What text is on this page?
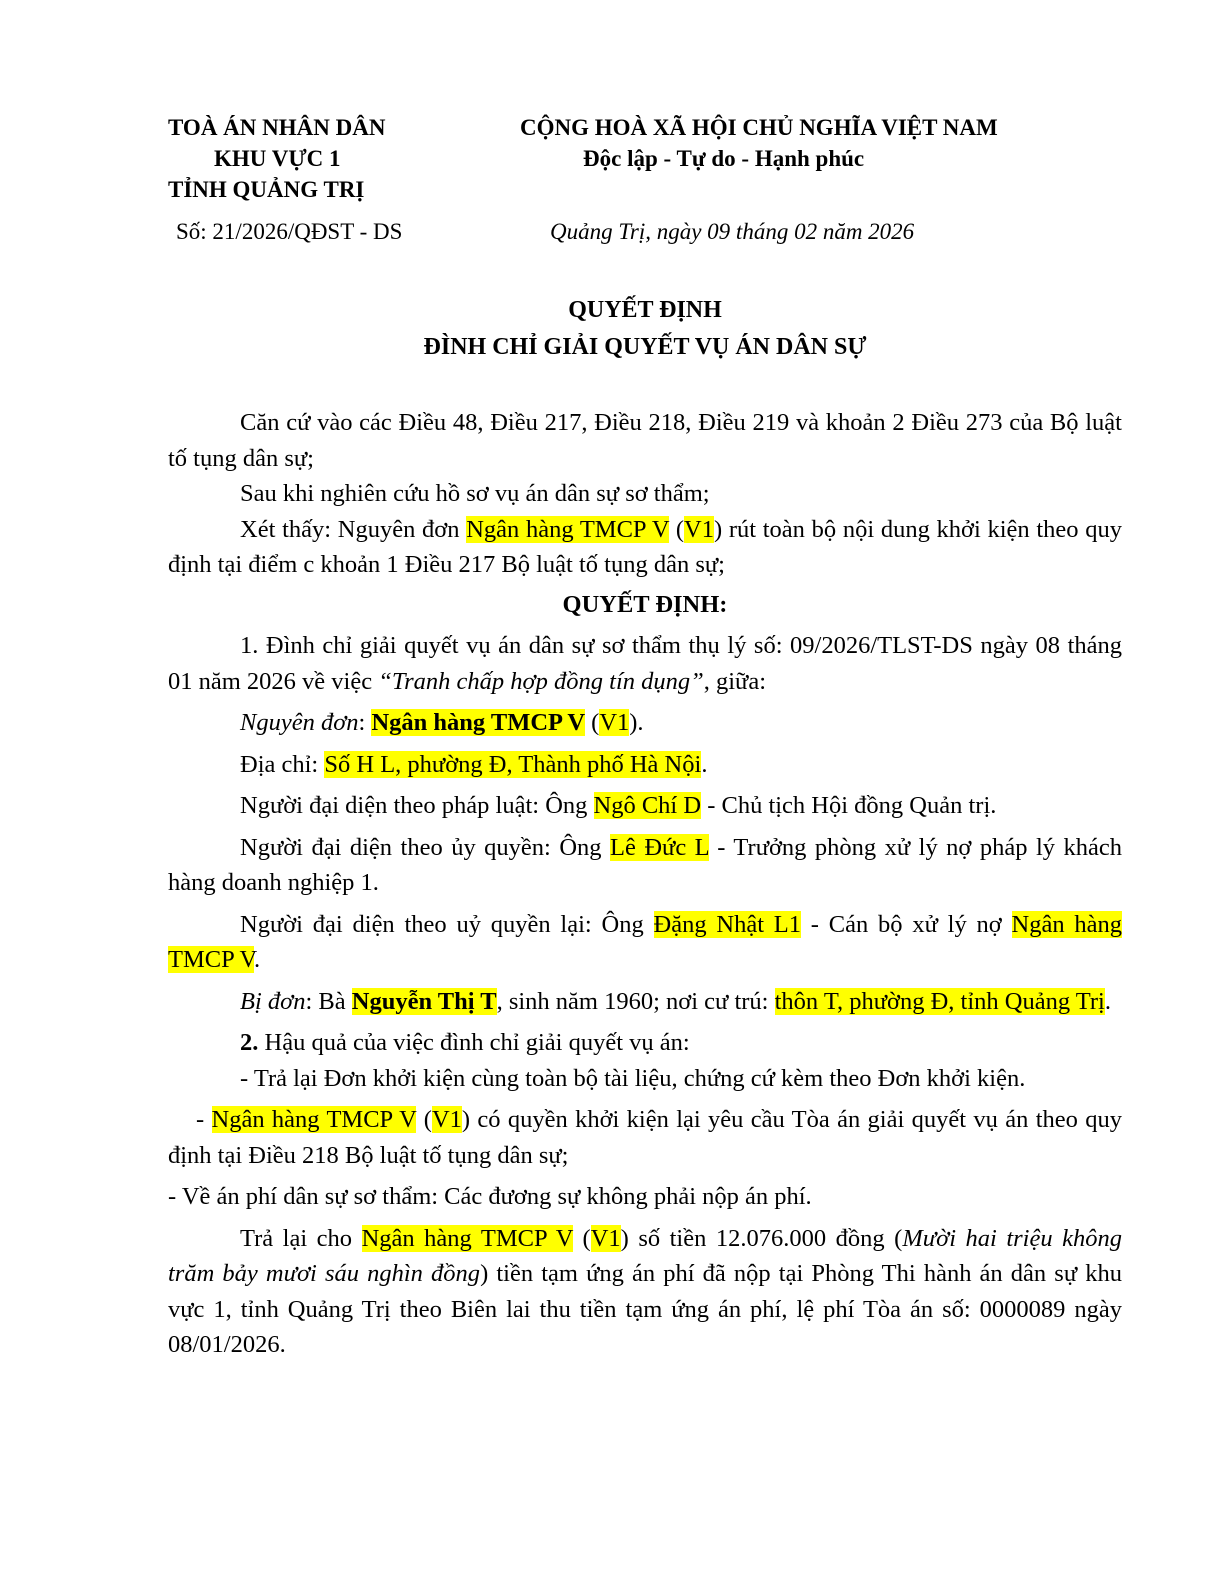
TOÀ ÁN NHÂN DÂN
KHU VỰC 1
TỈNH QUẢNG TRỊ
CỘNG HOÀ XÃ HỘI CHỦ NGHĨA VIỆT NAM
Độc lập - Tự do - Hạnh phúc
Số: 21/2026/QĐST - DS	Quảng Trị, ngày 09 tháng 02 năm 2026
QUYẾT ĐỊNH
ĐÌNH CHỈ GIẢI QUYẾT VỤ ÁN DÂN SỰ

Căn cứ vào các Điều 48, Điều 217, Điều 218, Điều 219 và khoản 2 Điều 273 của Bộ luật tố tụng dân sự;

Sau khi nghiên cứu hồ sơ vụ án dân sự sơ thẩm;

Xét thấy: Nguyên đơn Ngân hàng TMCP V (V1) rút toàn bộ nội dung khởi kiện theo quy định tại điểm c khoản 1 Điều 217 Bộ luật tố tụng dân sự;

QUYẾT ĐỊNH:

1. Đình chỉ giải quyết vụ án dân sự sơ thẩm thụ lý số: 09/2026/TLST-DS ngày 08 tháng 01 năm 2026 về việc “Tranh chấp hợp đồng tín dụng”, giữa:

Nguyên đơn: Ngân hàng TMCP V (V1).

Địa chỉ: Số H L, phường Đ, Thành phố Hà Nội.

Người đại diện theo pháp luật: Ông Ngô Chí D - Chủ tịch Hội đồng Quản trị.

Người đại diện theo ủy quyền: Ông Lê Đức L - Trưởng phòng xử lý nợ pháp lý khách hàng doanh nghiệp 1.

Người đại diện theo uỷ quyền lại: Ông Đặng Nhật L1 - Cán bộ xử lý nợ Ngân hàng TMCP V.

Bị đơn: Bà Nguyễn Thị T, sinh năm 1960; nơi cư trú: thôn T, phường Đ, tỉnh Quảng Trị.

2. Hậu quả của việc đình chỉ giải quyết vụ án:

- Trả lại Đơn khởi kiện cùng toàn bộ tài liệu, chứng cứ kèm theo Đơn khởi kiện.

- Ngân hàng TMCP V (V1) có quyền khởi kiện lại yêu cầu Tòa án giải quyết vụ án theo quy định tại Điều 218 Bộ luật tố tụng dân sự;

- Về án phí dân sự sơ thẩm: Các đương sự không phải nộp án phí.

Trả lại cho Ngân hàng TMCP V (V1) số tiền 12.076.000 đồng (Mười hai triệu không trăm bảy mươi sáu nghìn đồng) tiền tạm ứng án phí đã nộp tại Phòng Thi hành án dân sự khu vực 1, tỉnh Quảng Trị theo Biên lai thu tiền tạm ứng án phí, lệ phí Tòa án số: 0000089 ngày 08/01/2026.
